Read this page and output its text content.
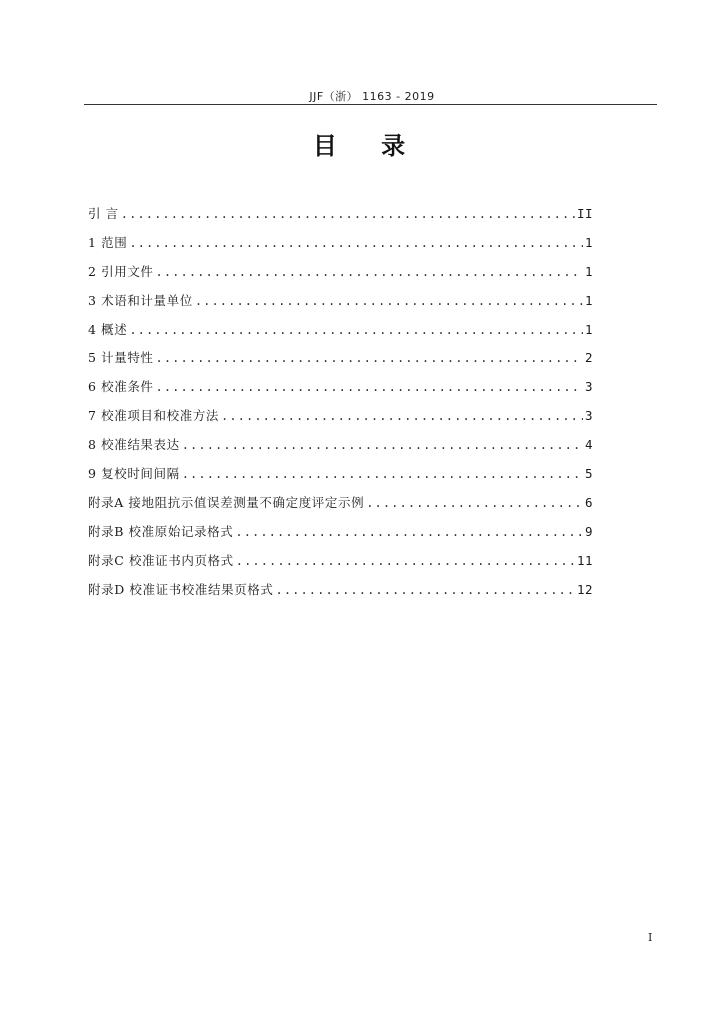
JJF（浙） 1163 - 2019
目 录
引 言 .....	II
1 范围 .....	1
2 引用文件 .....	1
3 术语和计量单位 .....	1
4 概述 .....	1
5 计量特性 .....	2
6 校准条件 .....	3
7 校准项目和校准方法 .....	3
8 校准结果表达 .....	4
9 复校时间间隔 .....	5
附录A 接地阻抗示值误差测量不确定度评定示例 .....	6
附录B 校准原始记录格式 .....	9
附录C 校准证书内页格式 .....	11
附录D 校准证书校准结果页格式 .....	12
I
